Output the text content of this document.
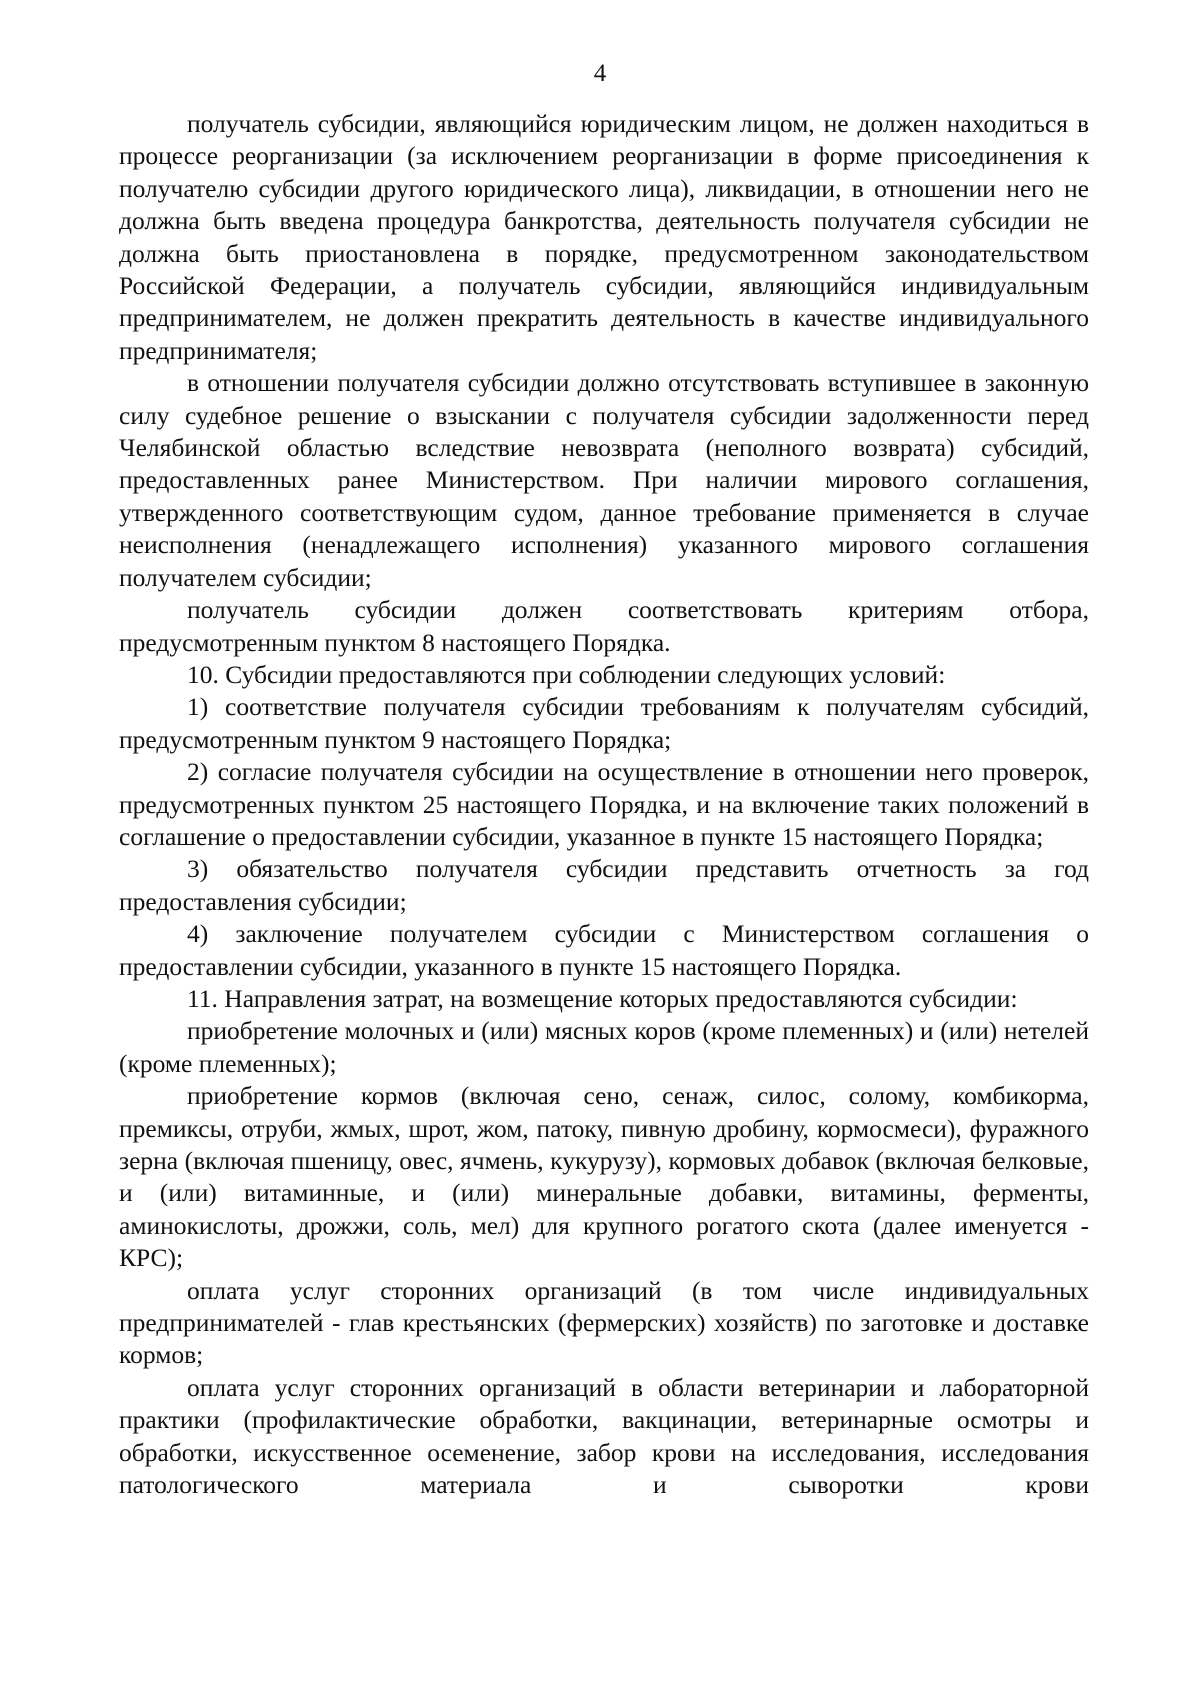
4

получатель субсидии, являющийся юридическим лицом, не должен находиться в процессе реорганизации (за исключением реорганизации в форме присоединения к получателю субсидии другого юридического лица), ликвидации, в отношении него не должна быть введена процедура банкротства, деятельность получателя субсидии не должна быть приостановлена в порядке, предусмотренном законодательством Российской Федерации, а получатель субсидии, являющийся индивидуальным предпринимателем, не должен прекратить деятельность в качестве индивидуального предпринимателя;

в отношении получателя субсидии должно отсутствовать вступившее в законную силу судебное решение о взыскании с получателя субсидии задолженности перед Челябинской областью вследствие невозврата (неполного возврата) субсидий, предоставленных ранее Министерством. При наличии мирового соглашения, утвержденного соответствующим судом, данное требование применяется в случае неисполнения (ненадлежащего исполнения) указанного мирового соглашения получателем субсидии;

получатель субсидии должен соответствовать критериям отбора, предусмотренным пунктом 8 настоящего Порядка.

10. Субсидии предоставляются при соблюдении следующих условий:

1) соответствие получателя субсидии требованиям к получателям субсидий, предусмотренным пунктом 9 настоящего Порядка;

2) согласие получателя субсидии на осуществление в отношении него проверок, предусмотренных пунктом 25 настоящего Порядка, и на включение таких положений в соглашение о предоставлении субсидии, указанное в пункте 15 настоящего Порядка;

3) обязательство получателя субсидии представить отчетность за год предоставления субсидии;

4) заключение получателем субсидии с Министерством соглашения о предоставлении субсидии, указанного в пункте 15 настоящего Порядка.

11. Направления затрат, на возмещение которых предоставляются субсидии:

приобретение молочных и (или) мясных коров (кроме племенных) и (или) нетелей (кроме племенных);

приобретение кормов (включая сено, сенаж, силос, солому, комбикорма, премиксы, отруби, жмых, шрот, жом, патоку, пивную дробину, кормосмеси), фуражного зерна (включая пшеницу, овес, ячмень, кукурузу), кормовых добавок (включая белковые, и (или) витаминные, и (или) минеральные добавки, витамины, ферменты, аминокислоты, дрожжи, соль, мел) для крупного рогатого скота (далее именуется - КРС);

оплата услуг сторонних организаций (в том числе индивидуальных предпринимателей - глав крестьянских (фермерских) хозяйств) по заготовке и доставке кормов;

оплата услуг сторонних организаций в области ветеринарии и лабораторной практики (профилактические обработки, вакцинации, ветеринарные осмотры и обработки, искусственное осеменение, забор крови на исследования, исследования патологического материала и сыворотки крови
